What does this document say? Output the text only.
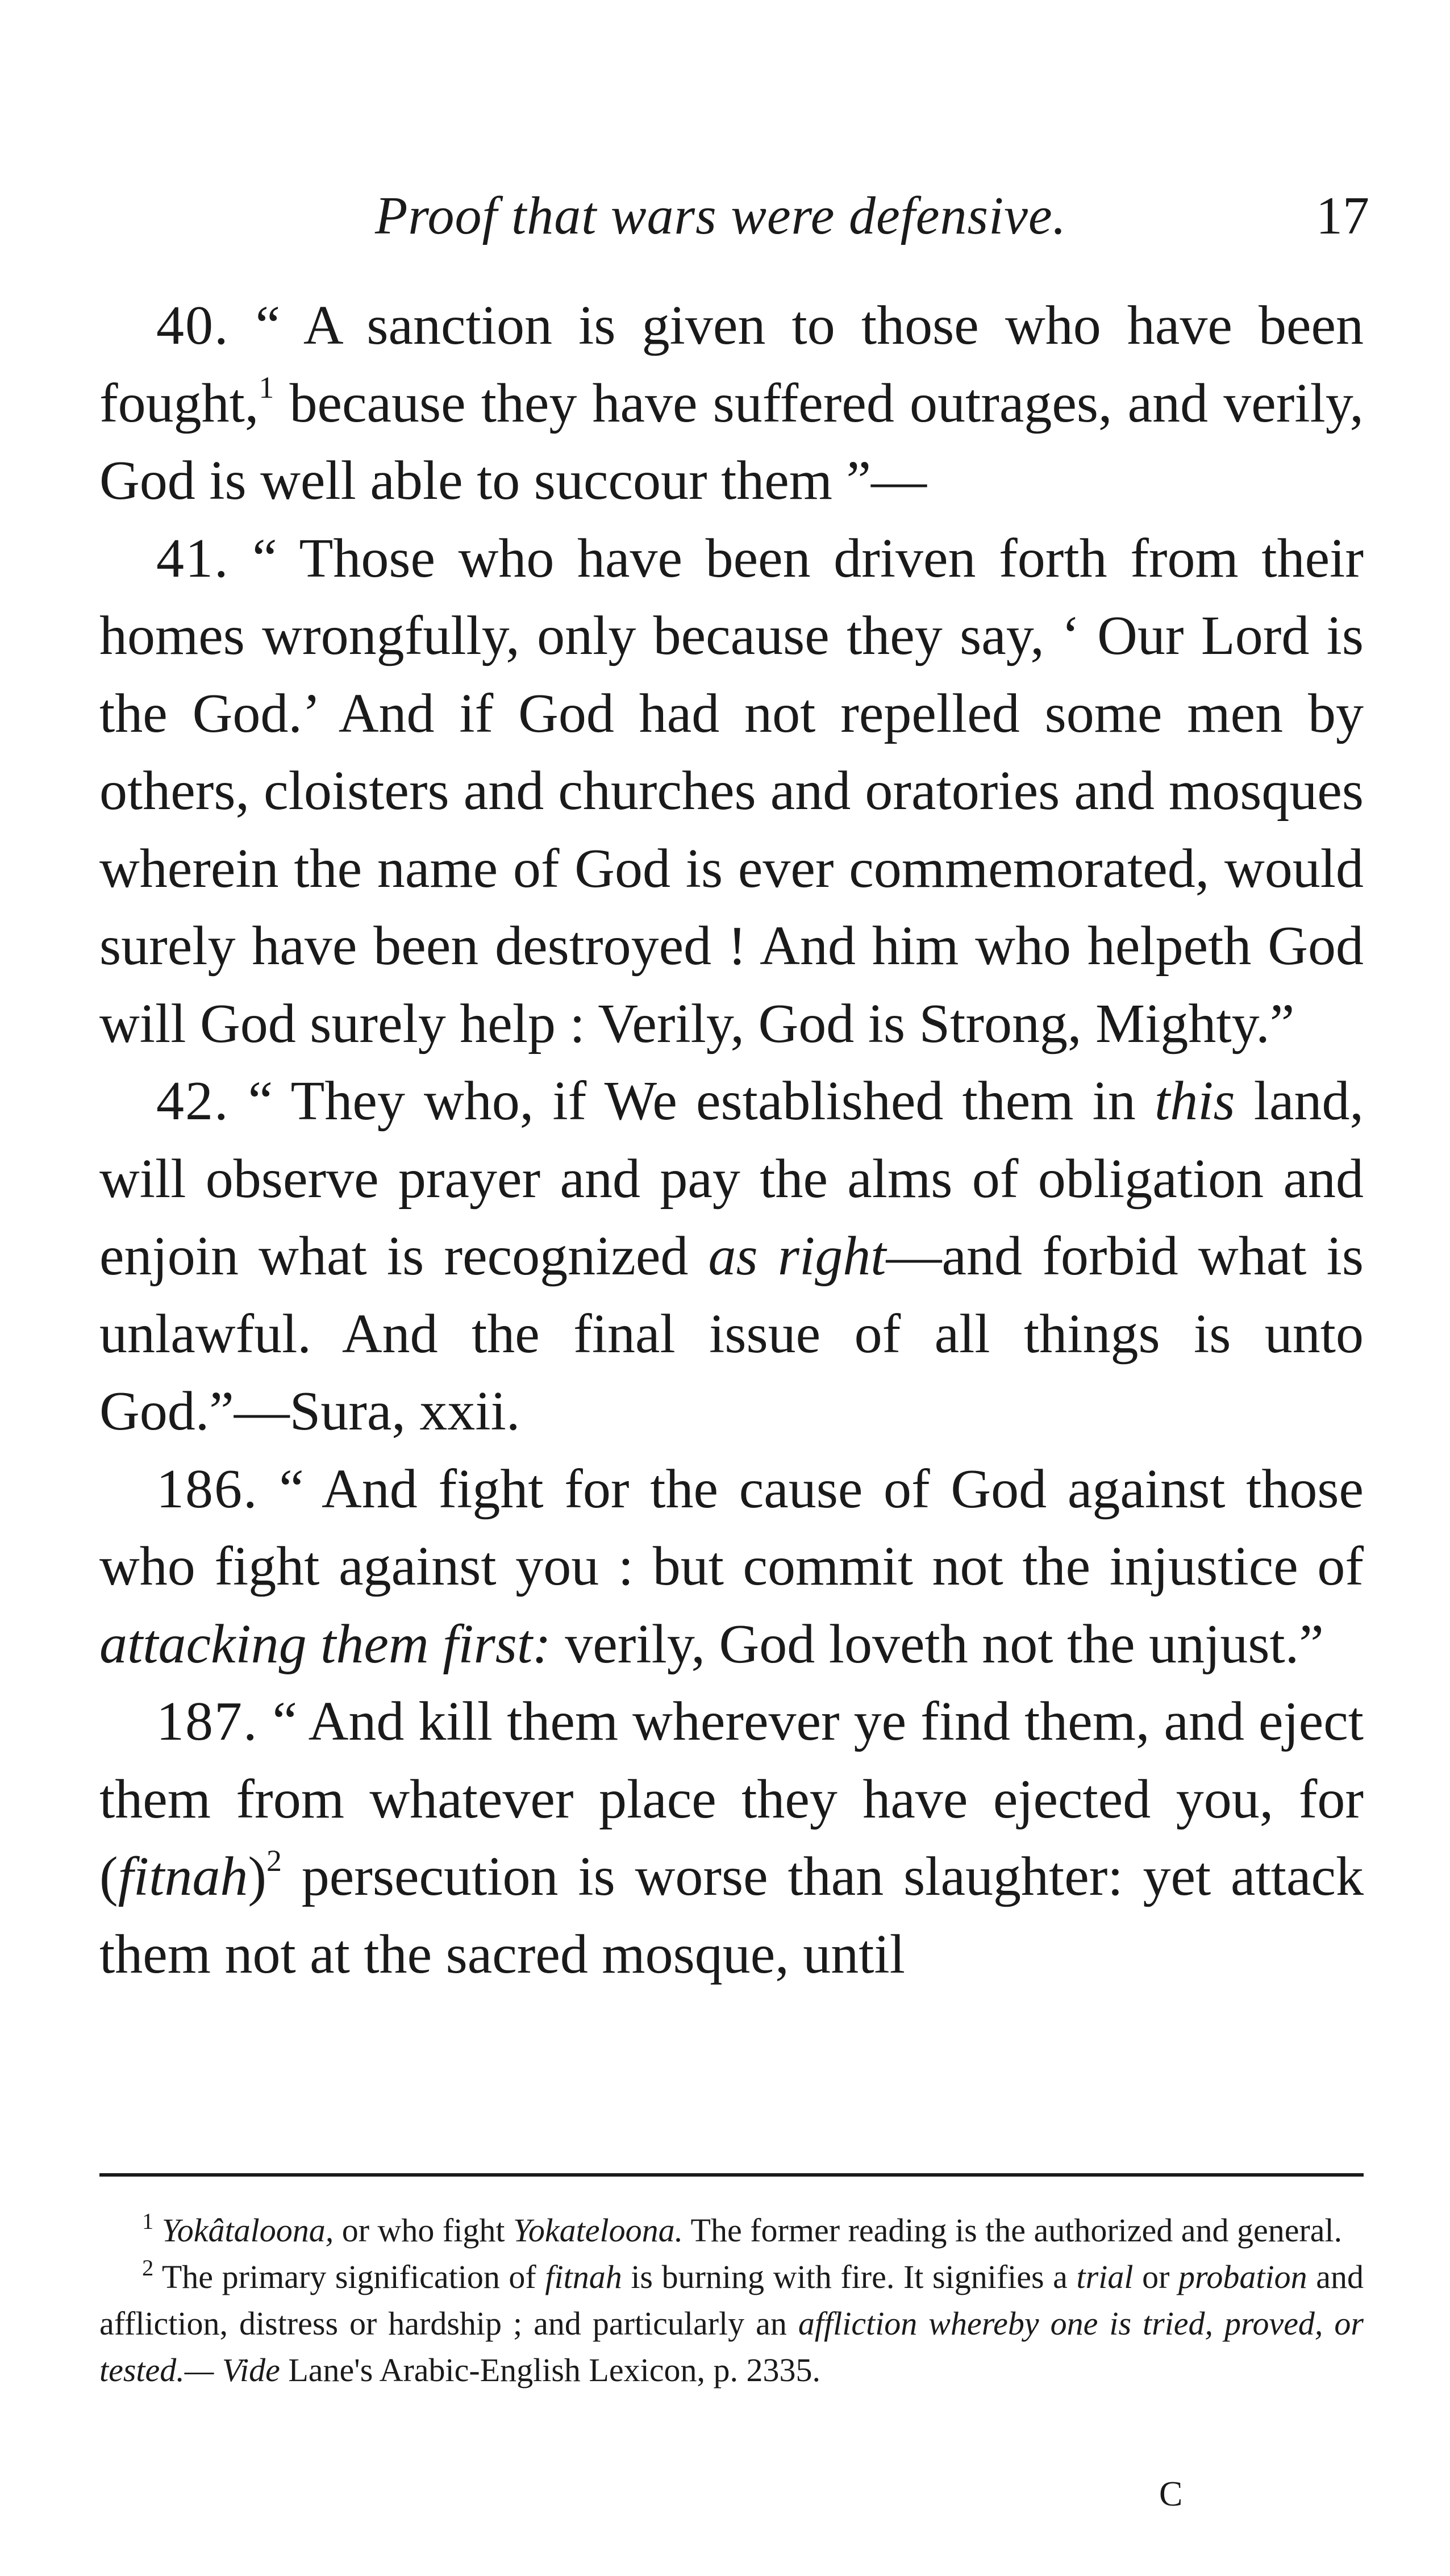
Proof that wars were defensive.	17

40. “ A sanction is given to those who have been fought,$^1$ because they have suffered outrages, and verily, God is well able to succour them ”—

41. “ Those who have been driven forth from their homes wrongfully, only because they say, ‘ Our Lord is the God.’ And if God had not repelled some men by others, cloisters and churches and oratories and mosques wherein the name of God is ever commemorated, would surely have been destroyed ! And him who helpeth God will God surely help : Verily, God is Strong, Mighty.”

42. “ They who, if We established them in this land, will observe prayer and pay the alms of obligation and enjoin what is recognized as right—and forbid what is unlawful. And the final issue of all things is unto God.”—Sura, xxii.

186. “ And fight for the cause of God against those who fight against you : but commit not the injustice of attacking them first: verily, God loveth not the unjust.”

187. “ And kill them wherever ye find them, and eject them from whatever place they have ejected you, for (fitnah)$^2$ persecution is worse than slaughter: yet attack them not at the sacred mosque, until

$^1$ Yokâtaloona, or who fight Yokateloona. The former reading is the authorized and general.

$^2$ The primary signification of fitnah is burning with fire. It signifies a trial or probation and affliction, distress or hardship ; and particularly an affliction whereby one is tried, proved, or tested.— Vide Lane's Arabic-English Lexicon, p. 2335.

C
